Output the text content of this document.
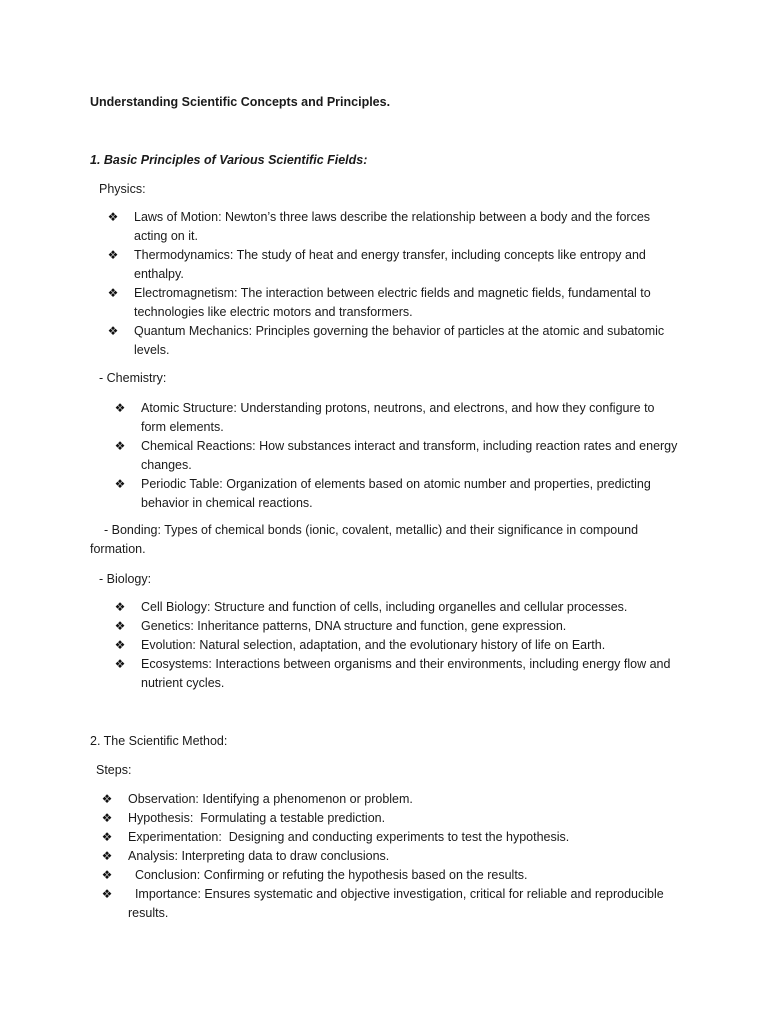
Understanding Scientific Concepts and Principles.
1. Basic Principles of Various Scientific Fields:
Physics:
❖	Laws of Motion: Newton’s three laws describe the relationship between a body and the forces
acting on it.
❖	Thermodynamics: The study of heat and energy transfer, including concepts like entropy and
enthalpy.
❖	Electromagnetism: The interaction between electric fields and magnetic fields, fundamental to
technologies like electric motors and transformers.
❖	Quantum Mechanics: Principles governing the behavior of particles at the atomic and subatomic
levels.
- Chemistry:
❖	Atomic Structure: Understanding protons, neutrons, and electrons, and how they configure to
form elements.
❖	Chemical Reactions: How substances interact and transform, including reaction rates and energy
changes.
❖	Periodic Table: Organization of elements based on atomic number and properties, predicting
behavior in chemical reactions.
- Bonding: Types of chemical bonds (ionic, covalent, metallic) and their significance in compound
formation.
- Biology:
❖	Cell Biology: Structure and function of cells, including organelles and cellular processes.
❖	Genetics: Inheritance patterns, DNA structure and function, gene expression.
❖	Evolution: Natural selection, adaptation, and the evolutionary history of life on Earth.
❖	Ecosystems: Interactions between organisms and their environments, including energy flow and
nutrient cycles.
2. The Scientific Method:
Steps:
❖	Observation: Identifying a phenomenon or problem.
❖	Hypothesis:  Formulating a testable prediction.
❖	Experimentation:  Designing and conducting experiments to test the hypothesis.
❖	Analysis: Interpreting data to draw conclusions.
❖	Conclusion: Confirming or refuting the hypothesis based on the results.
❖	Importance: Ensures systematic and objective investigation, critical for reliable and reproducible
results.
